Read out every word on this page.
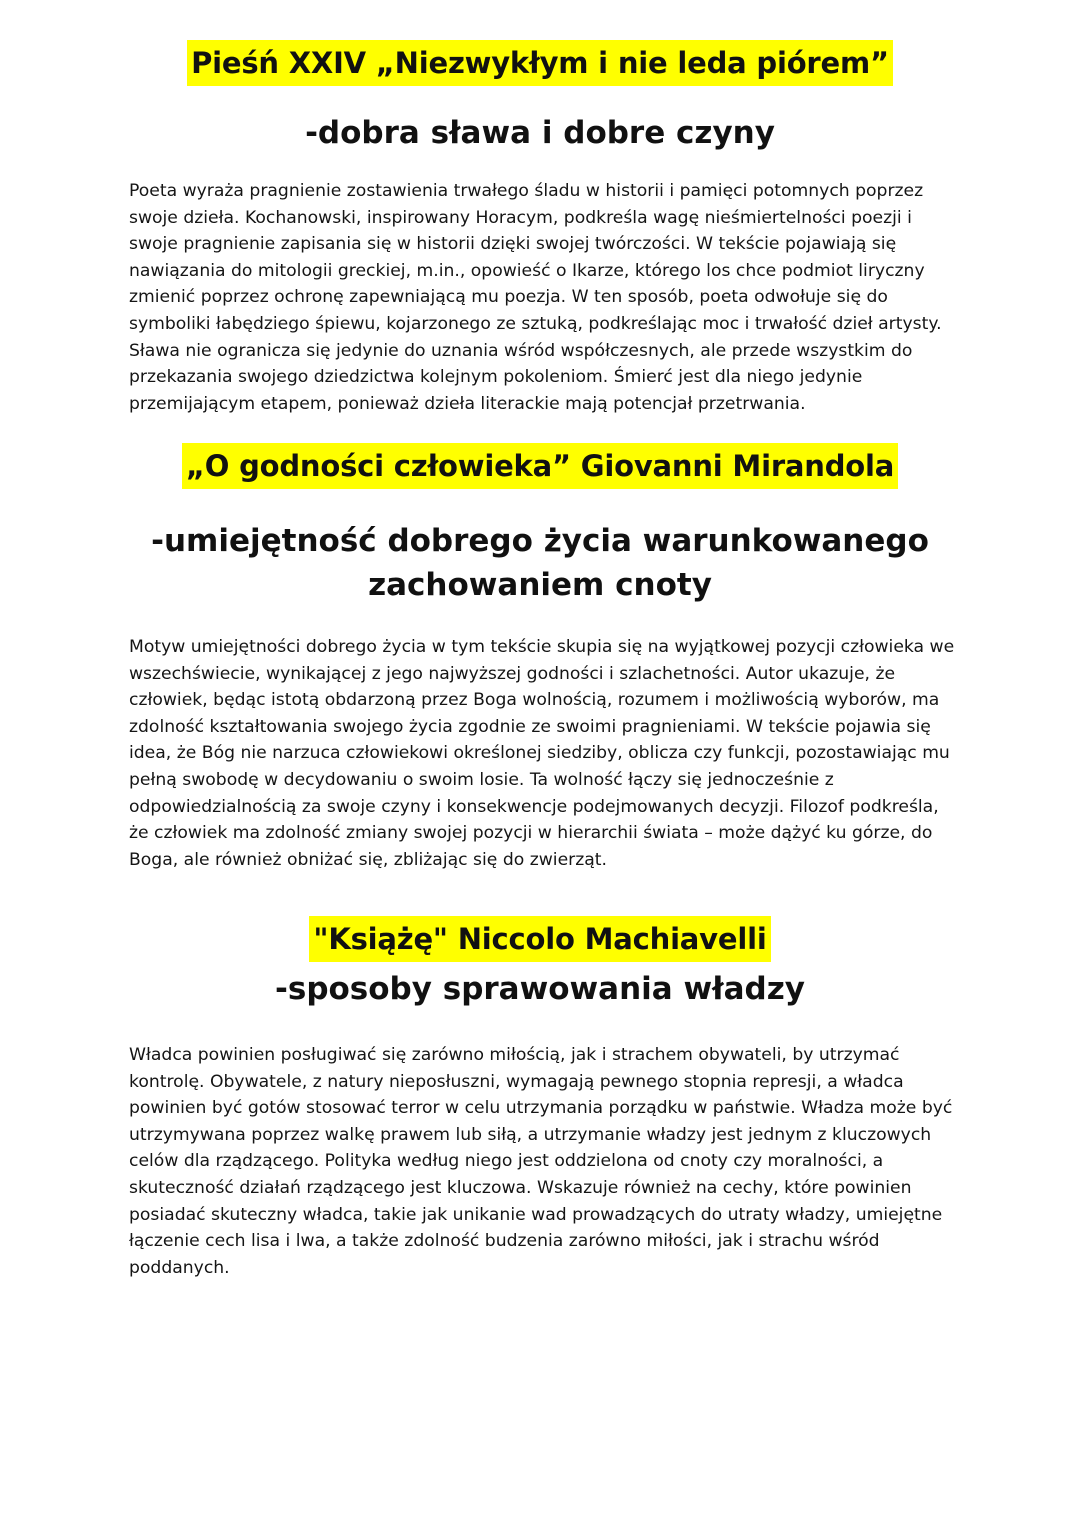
Pieśń XXIV „Niezwykłym i nie leda piórem”
-dobra sława i dobre czyny

Poeta wyraża pragnienie zostawienia trwałego śladu w historii i pamięci potomnych poprzez swoje dzieła. Kochanowski, inspirowany Horacym, podkreśla wagę nieśmiertelności poezji i swoje pragnienie zapisania się w historii dzięki swojej twórczości. W tekście pojawiają się nawiązania do mitologii greckiej, m.in., opowieść o Ikarze, którego los chce podmiot liryczny zmienić poprzez ochronę zapewniającą mu poezja. W ten sposób, poeta odwołuje się do symboliki łabędziego śpiewu, kojarzonego ze sztuką, podkreślając moc i trwałość dzieł artysty. Sława nie ogranicza się jedynie do uznania wśród współczesnych, ale przede wszystkim do przekazania swojego dziedzictwa kolejnym pokoleniom. Śmierć jest dla niego jedynie przemijającym etapem, ponieważ dzieła literackie mają potencjał przetrwania.

„O godności człowieka” Giovanni Mirandola
-umiejętność dobrego życia warunkowanego zachowaniem cnoty

Motyw umiejętności dobrego życia w tym tekście skupia się na wyjątkowej pozycji człowieka we wszechświecie, wynikającej z jego najwyższej godności i szlachetności. Autor ukazuje, że człowiek, będąc istotą obdarzoną przez Boga wolnością, rozumem i możliwością wyborów, ma zdolność kształtowania swojego życia zgodnie ze swoimi pragnieniami. W tekście pojawia się idea, że Bóg nie narzuca człowiekowi określonej siedziby, oblicza czy funkcji, pozostawiając mu pełną swobodę w decydowaniu o swoim losie. Ta wolność łączy się jednocześnie z odpowiedzialnością za swoje czyny i konsekwencje podejmowanych decyzji. Filozof podkreśla, że człowiek ma zdolność zmiany swojej pozycji w hierarchii świata – może dążyć ku górze, do Boga, ale również obniżać się, zbliżając się do zwierząt.

"Książę" Niccolo Machiavelli
-sposoby sprawowania władzy

Władca powinien posługiwać się zarówno miłością, jak i strachem obywateli, by utrzymać kontrolę. Obywatele, z natury nieposłuszni, wymagają pewnego stopnia represji, a władca powinien być gotów stosować terror w celu utrzymania porządku w państwie. Władza może być utrzymywana poprzez walkę prawem lub siłą, a utrzymanie władzy jest jednym z kluczowych celów dla rządzącego. Polityka według niego jest oddzielona od cnoty czy moralności, a skuteczność działań rządzącego jest kluczowa. Wskazuje również na cechy, które powinien posiadać skuteczny władca, takie jak unikanie wad prowadzących do utraty władzy, umiejętne łączenie cech lisa i lwa, a także zdolność budzenia zarówno miłości, jak i strachu wśród poddanych.
